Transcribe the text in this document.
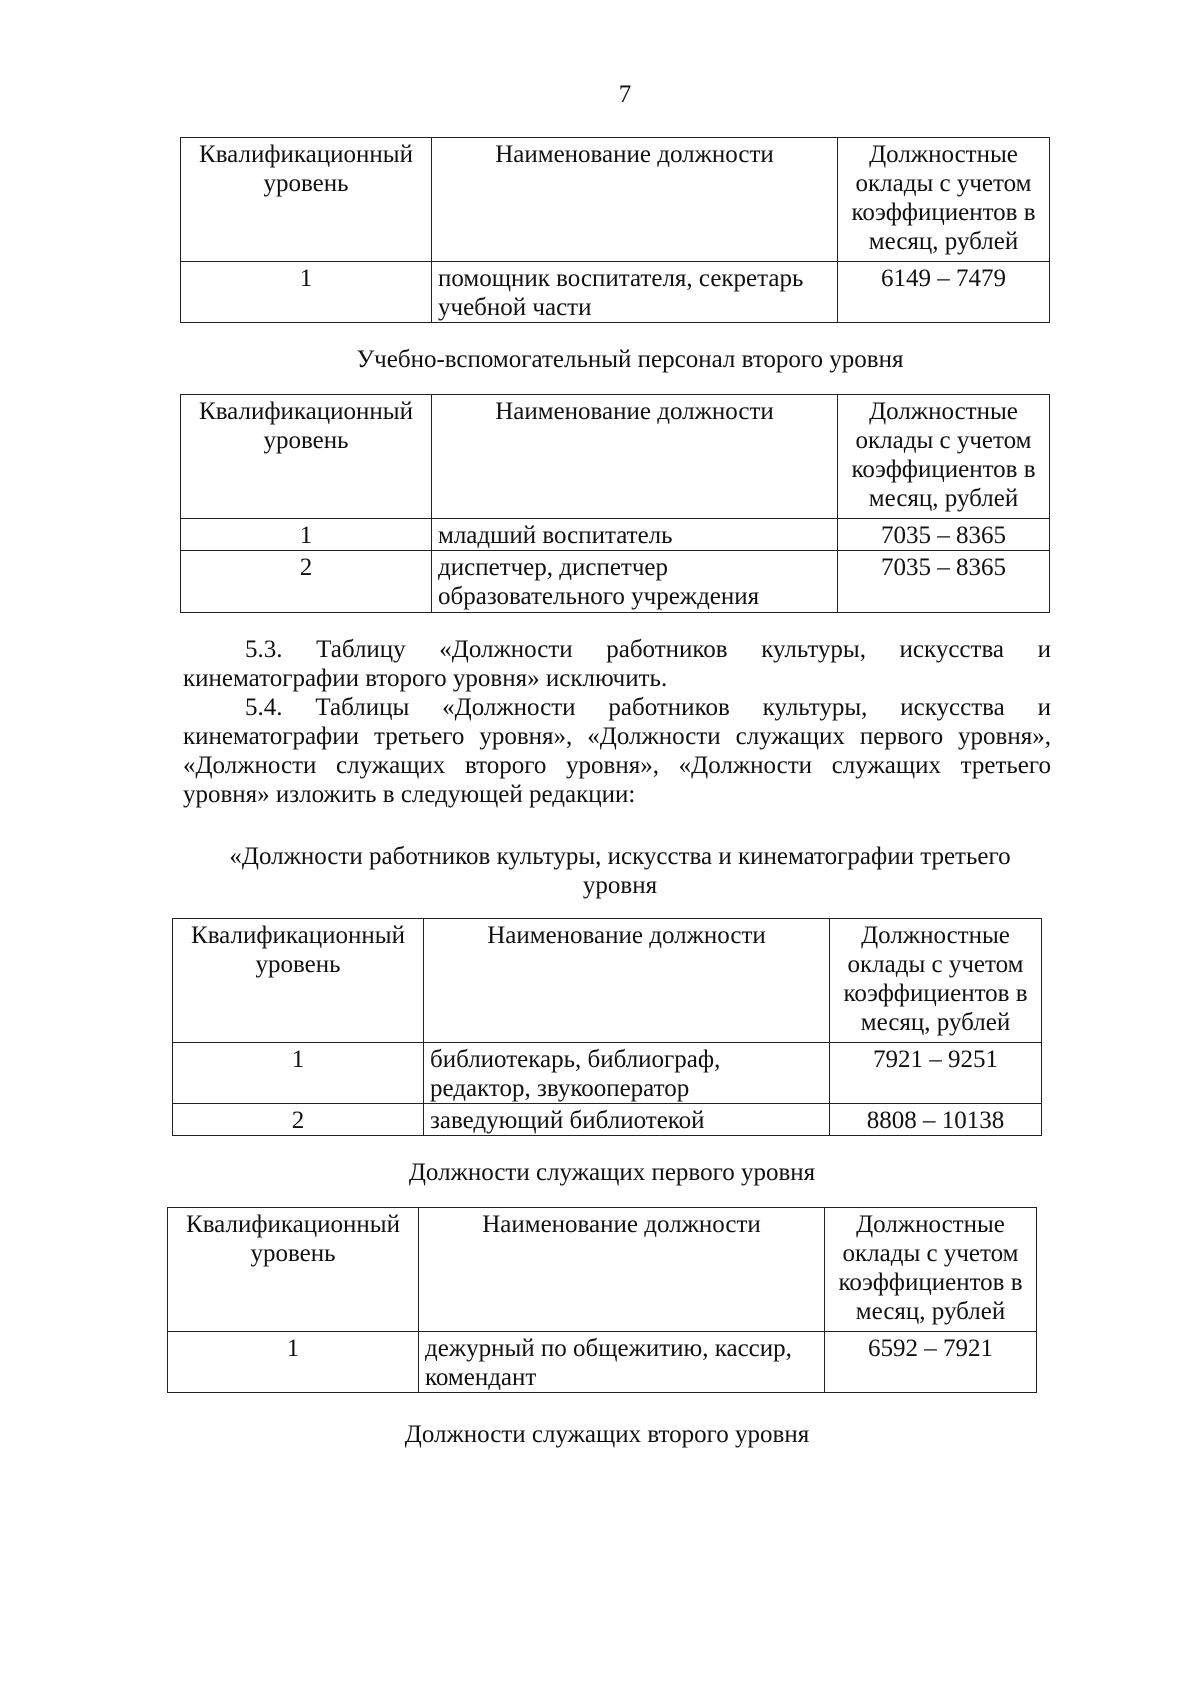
7
Квалификационный уровень	Наименование должности	Должностные оклады с учетом коэффициентов в месяц, рублей
1	помощник воспитателя, секретарь учебной части	6149 – 7479
Учебно-вспомогательный персонал второго уровня
Квалификационный уровень	Наименование должности	Должностные оклады с учетом коэффициентов в месяц, рублей
1	младший воспитатель	7035 – 8365
2	диспетчер, диспетчер образовательного учреждения	7035 – 8365
5.3. Таблицу «Должности работников культуры, искусства и
кинематографии второго уровня» исключить.
5.4. Таблицы «Должности работников культуры, искусства и
кинематографии третьего уровня», «Должности служащих первого уровня»,
«Должности служащих второго уровня», «Должности служащих третьего
уровня» изложить в следующей редакции:
«Должности работников культуры, искусства и кинематографии третьего
уровня
Квалификационный уровень	Наименование должности	Должностные оклады с учетом коэффициентов в месяц, рублей
1	библиотекарь, библиограф, редактор, звукооператор	7921 – 9251
2	заведующий библиотекой	8808 – 10138
Должности служащих первого уровня
Квалификационный уровень	Наименование должности	Должностные оклады с учетом коэффициентов в месяц, рублей
1	дежурный по общежитию, кассир, комендант	6592 – 7921
Должности служащих второго уровня
